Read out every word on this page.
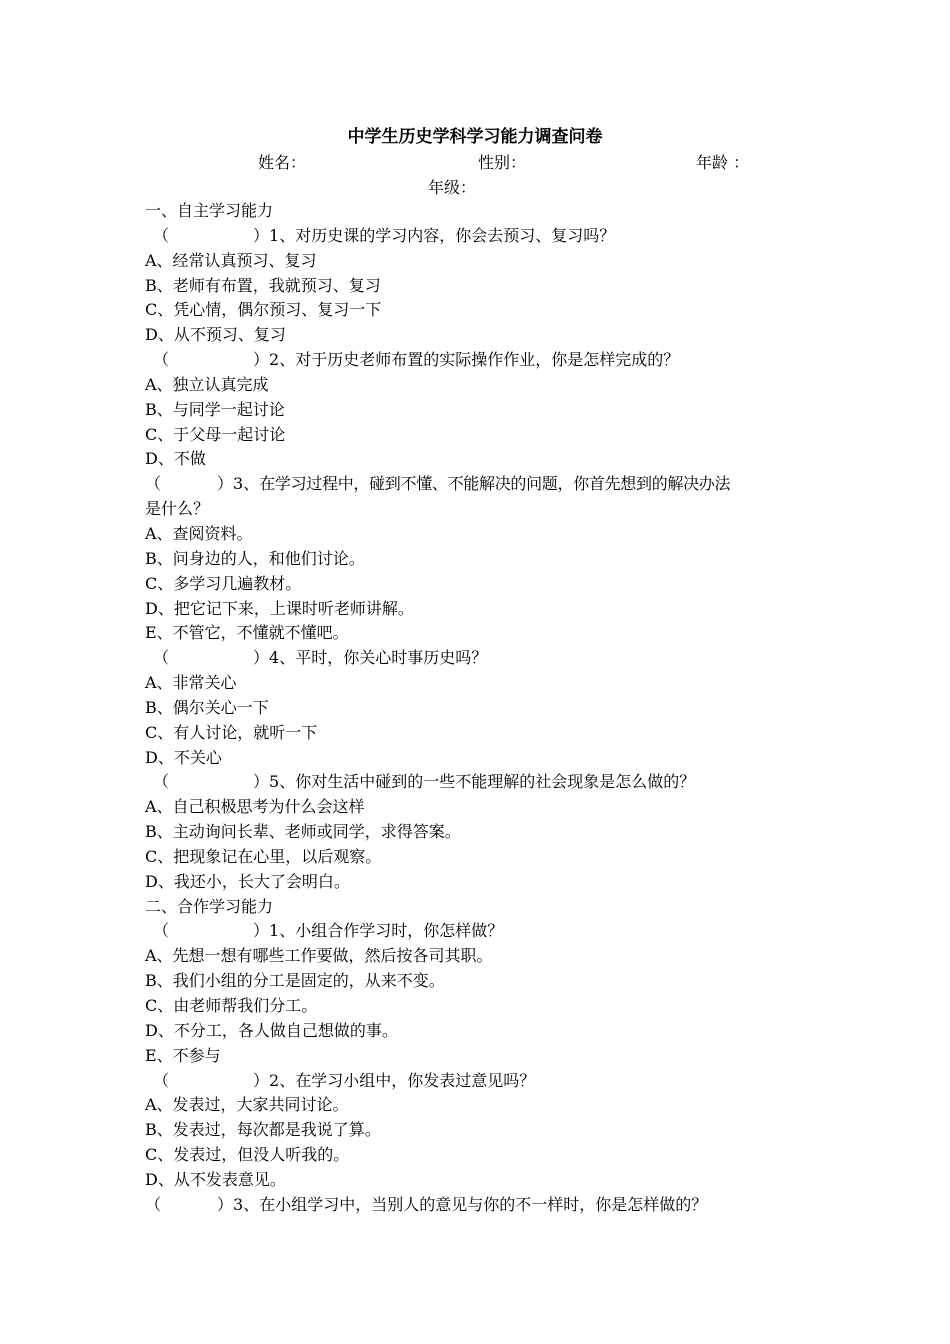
中学生历史学科学习能力调查问卷
姓名：	性别：	年龄 ：
年级：
一、自主学习能力
（	） 1、 对历史课的学习内容，你会去预习、复习吗？
A、经常认真预习、复习
B、老师有布置，我就预习、复习
C、凭心情，偶尔预习、复习一下
D、从不预习、复习
（	） 2、 对于历史老师布置的实际操作作业，你是怎样完成的？
A、独立认真完成
B、与同学一起讨论
C、于父母一起讨论
D、不做
（	）3、在学习过程中，碰到不懂、不能解决的问题，你首先想到的解决办法
是什么？
A、查阅资料。
B、问身边的人，和他们讨论。
C、多学习几遍教材。
D、把它记下来，上课时听老师讲解。
E、不管它，不懂就不懂吧。
（	） 4、 平时，你关心时事历史吗？
A、非常关心
B、偶尔关心一下
C、有人讨论，就听一下
D、不关心
（	） 5、 你对生活中碰到的一些不能理解的社会现象是怎么做的？
A、自己积极思考为什么会这样
B、主动询问长辈、老师或同学，求得答案。
C、把现象记在心里，以后观察。
D、我还小，长大了会明白。
二、合作学习能力
（	） 1、 小组合作学习时，你怎样做？
A、先想一想有哪些工作要做，然后按各司其职。
B、我们小组的分工是固定的，从来不变。
C、由老师帮我们分工。
D、不分工，各人做自己想做的事。
E、不参与
（	） 2、 在学习小组中，你发表过意见吗？
A、发表过，大家共同讨论。
B、发表过，每次都是我说了算。
C、发表过，但没人听我的。
D、从不发表意见。
（	） 3、 在小组学习中，当别人的意见与你的不一样时，你是怎样做的？
